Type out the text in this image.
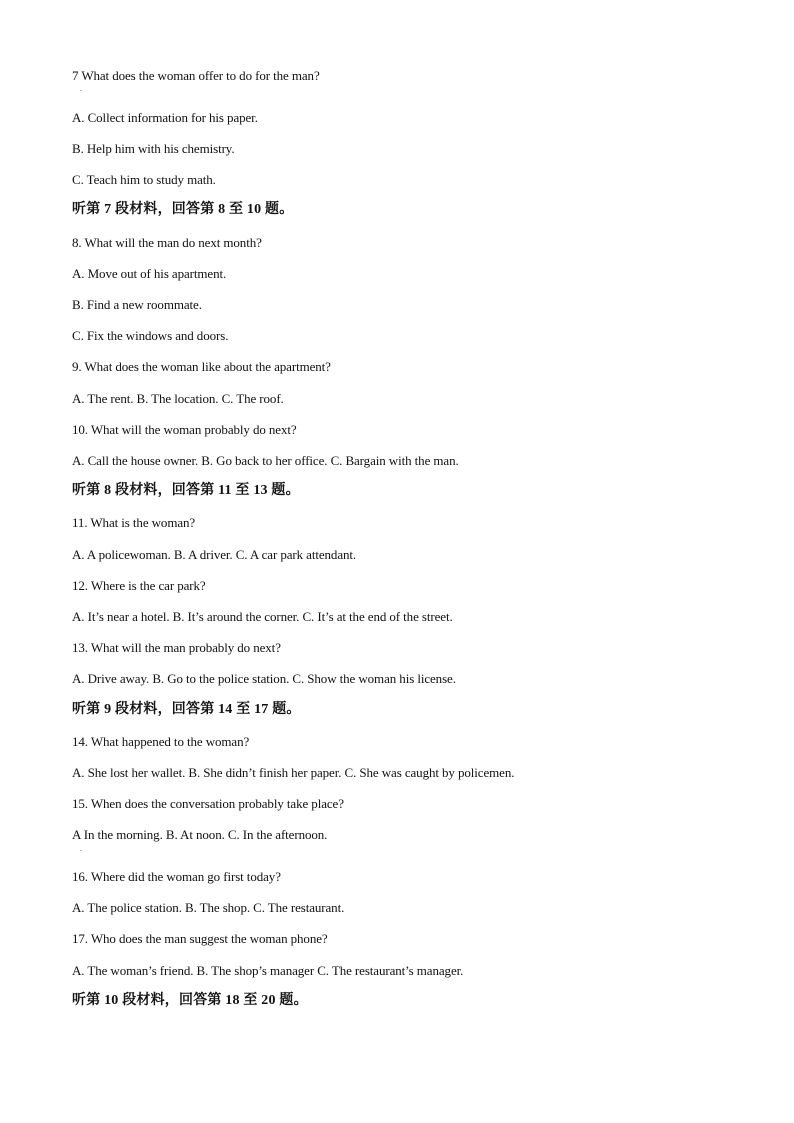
7 What does the woman offer to do for the man?
.
A. Collect information for his paper.
B. Help him with his chemistry.
C. Teach him to study math.
听第 7 段材料，回答第 8 至 10 题。
8. What will the man do next month?
A. Move out of his apartment.
B. Find a new roommate.
C. Fix the windows and doors.
9. What does the woman like about the apartment?
A. The rent. B. The location. C. The roof.
10. What will the woman probably do next?
A. Call the house owner. B. Go back to her office. C. Bargain with the man.
听第 8 段材料，回答第 11 至 13 题。
11. What is the woman?
A. A policewoman. B. A driver. C. A car park attendant.
12. Where is the car park?
A. It’s near a hotel. B. It’s around the corner. C. It’s at the end of the street.
13. What will the man probably do next?
A. Drive away. B. Go to the police station. C. Show the woman his license.
听第 9 段材料，回答第 14 至 17 题。
14. What happened to the woman?
A. She lost her wallet. B. She didn’t finish her paper. C. She was caught by policemen.
15. When does the conversation probably take place?
A In the morning. B. At noon. C. In the afternoon.
.
16. Where did the woman go first today?
A. The police station. B. The shop. C. The restaurant.
17. Who does the man suggest the woman phone?
A. The woman’s friend. B. The shop’s manager C. The restaurant’s manager.
听第 10 段材料，回答第 18 至 20 题。
